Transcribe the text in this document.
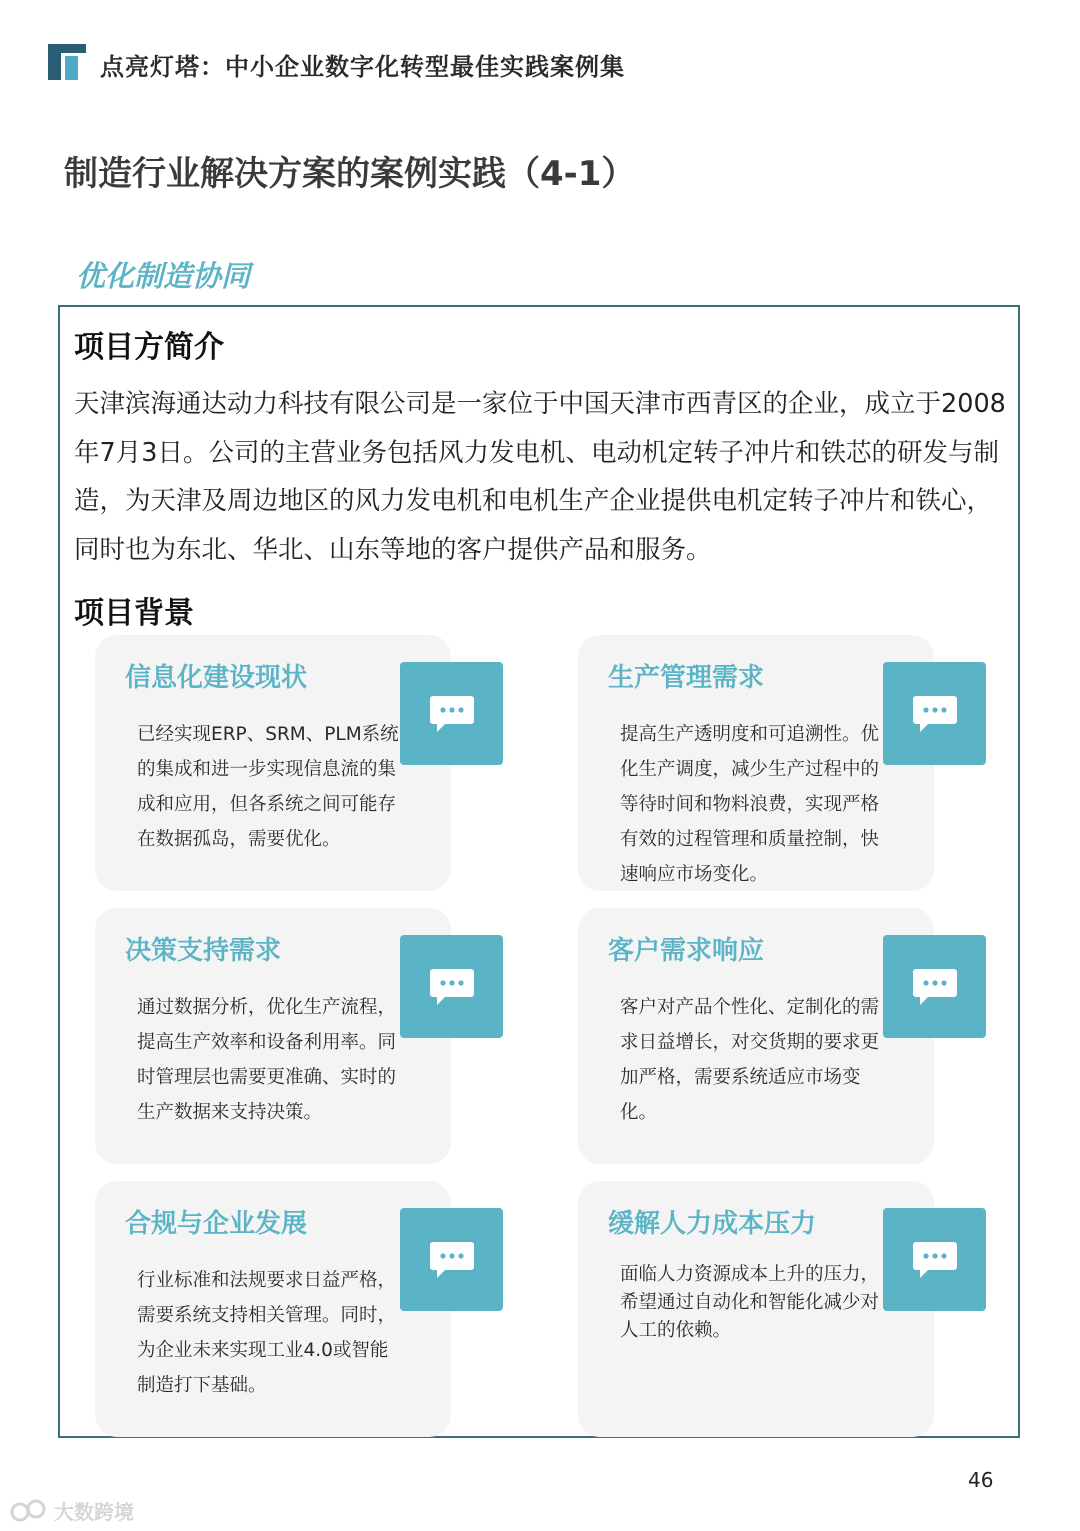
点亮灯塔：中小企业数字化转型最佳实践案例集
制造行业解决方案的案例实践（4-1）
优化制造协同
项目方简介

天津滨海通达动力科技有限公司是一家位于中国天津市西青区的企业，成立于2008年7月3日。公司的主营业务包括风力发电机、电动机定转子冲片和铁芯的研发与制造，为天津及周边地区的风力发电机和电机生产企业提供电机定转子冲片和铁心，同时也为东北、华北、山东等地的客户提供产品和服务。

项目背景
信息化建设现状

已经实现ERP、SRM、PLM系统的集成和进一步实现信息流的集成和应用，但各系统之间可能存在数据孤岛，需要优化。

生产管理需求

提高生产透明度和可追溯性。优化生产调度，减少生产过程中的等待时间和物料浪费，实现严格有效的过程管理和质量控制，快速响应市场变化。

决策支持需求

通过数据分析，优化生产流程，提高生产效率和设备利用率。同时管理层也需要更准确、实时的生产数据来支持决策。

客户需求响应

客户对产品个性化、定制化的需求日益增长，对交货期的要求更加严格，需要系统适应市场变化。

合规与企业发展

行业标准和法规要求日益严格，需要系统支持相关管理。同时，为企业未来实现工业4.0或智能制造打下基础。

缓解人力成本压力

面临人力资源成本上升的压力，希望通过自动化和智能化减少对人工的依赖。

46
大数跨境
